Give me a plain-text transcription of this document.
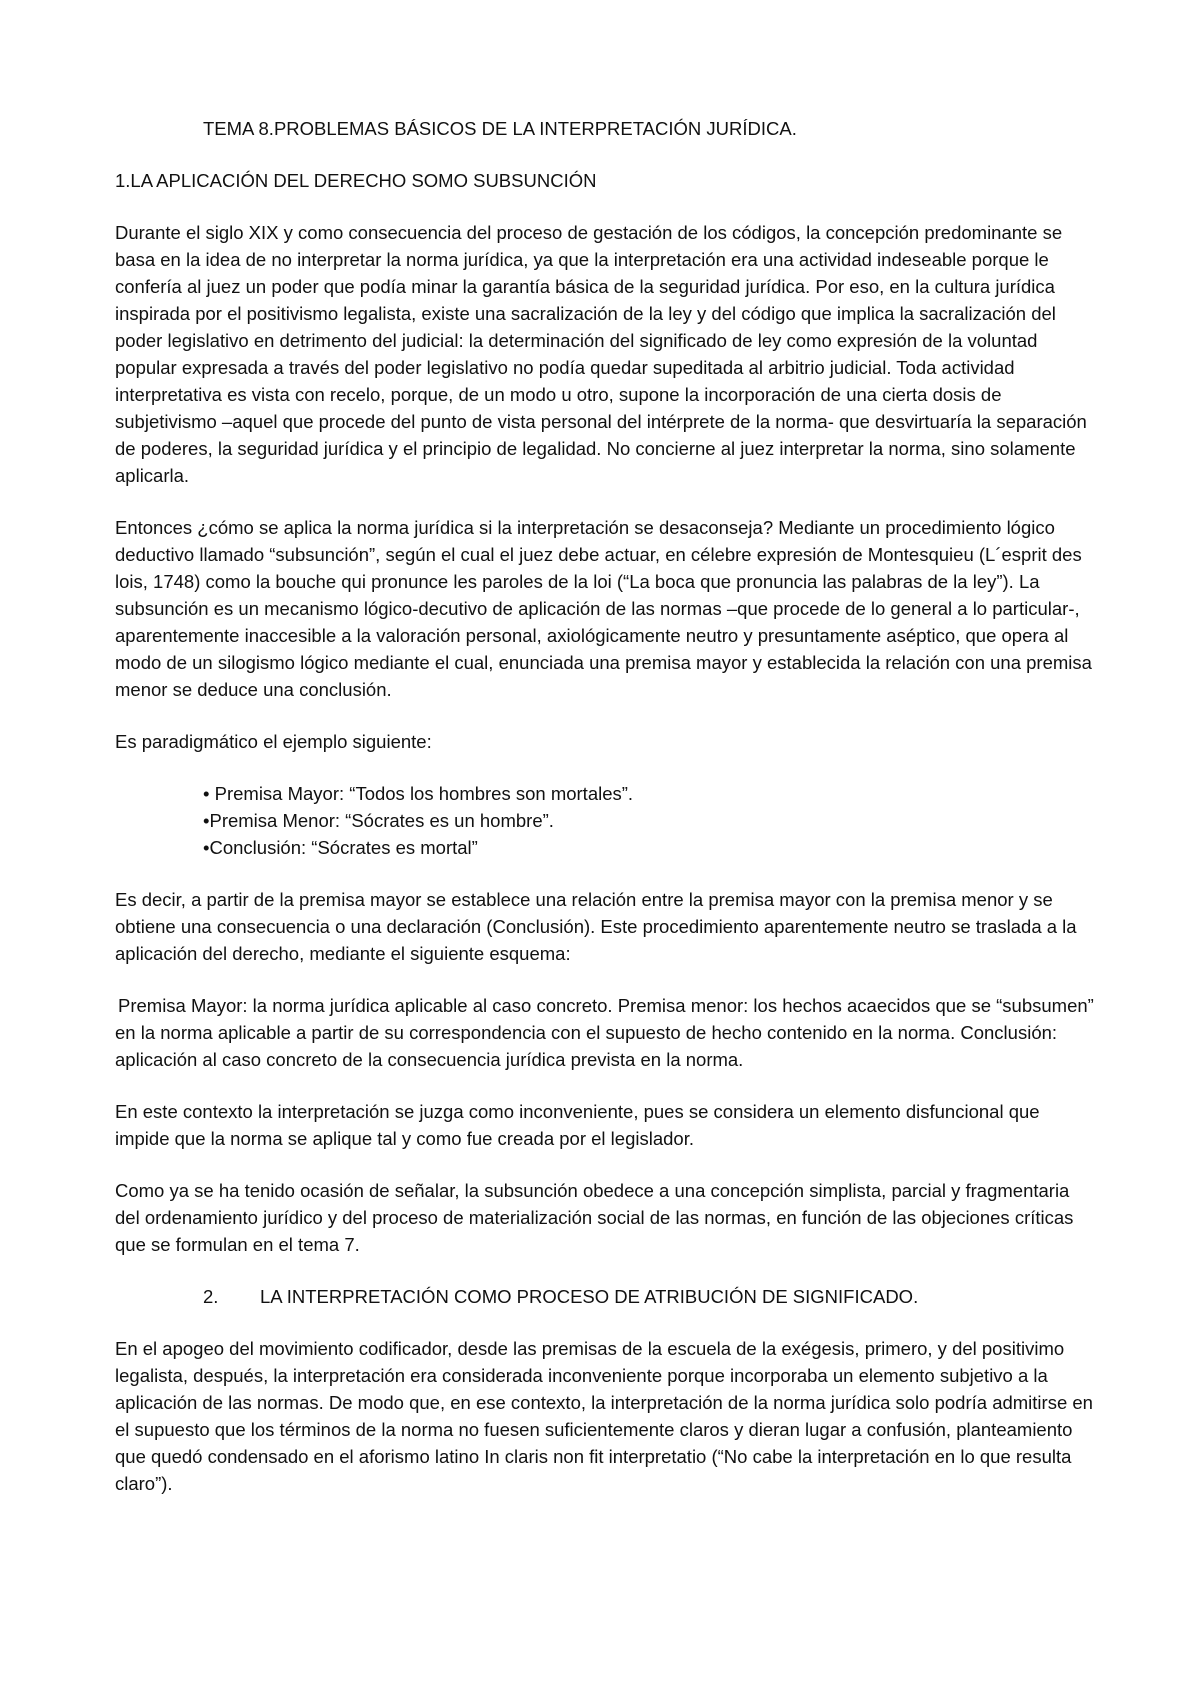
TEMA 8.PROBLEMAS BÁSICOS DE LA INTERPRETACIÓN JURÍDICA.
1.LA APLICACIÓN DEL DERECHO SOMO SUBSUNCIÓN

Durante el siglo XIX y como consecuencia del proceso de gestación de los códigos, la concepción predominante se basa en la idea de no interpretar la norma jurídica, ya que la interpretación era una actividad indeseable porque le confería al juez un poder que podía minar la garantía básica de la seguridad jurídica. Por eso, en la cultura jurídica inspirada por el positivismo legalista, existe una sacralización de la ley y del código que implica la sacralización del poder legislativo en detrimento del judicial: la determinación del significado de ley como expresión de la voluntad popular expresada a través del poder legislativo no podía quedar supeditada al arbitrio judicial. Toda actividad interpretativa es vista con recelo, porque, de un modo u otro, supone la incorporación de una cierta dosis de subjetivismo –aquel que procede del punto de vista personal del intérprete de la norma- que desvirtuaría la separación de poderes, la seguridad jurídica y el principio de legalidad. No concierne al juez interpretar la norma, sino solamente aplicarla.

Entonces ¿cómo se aplica la norma jurídica si la interpretación se desaconseja? Mediante un procedimiento lógico deductivo llamado “subsunción”, según el cual el juez debe actuar, en célebre expresión de Montesquieu (L´esprit des lois, 1748) como la bouche qui pronunce les paroles de la loi (“La boca que pronuncia las palabras de la ley”). La subsunción es un mecanismo lógico-decutivo de aplicación de las normas –que procede de lo general a lo particular-, aparentemente inaccesible a la valoración personal, axiológicamente neutro y presuntamente aséptico, que opera al modo de un silogismo lógico mediante el cual, enunciada una premisa mayor y establecida la relación con una premisa menor se deduce una conclusión.

Es paradigmático el ejemplo siguiente:

• Premisa Mayor: “Todos los hombres son mortales”.
•Premisa Menor: “Sócrates es un hombre”.
•Conclusión: “Sócrates es mortal”

Es decir, a partir de la premisa mayor se establece una relación entre la premisa mayor con la premisa menor y se obtiene una consecuencia o una declaración (Conclusión). Este procedimiento aparentemente neutro se traslada a la aplicación del derecho, mediante el siguiente esquema:

Premisa Mayor: la norma jurídica aplicable al caso concreto. Premisa menor: los hechos acaecidos que se “subsumen” en la norma aplicable a partir de su correspondencia con el supuesto de hecho contenido en la norma. Conclusión: aplicación al caso concreto de la consecuencia jurídica prevista en la norma.

En este contexto la interpretación se juzga como inconveniente, pues se considera un elemento disfuncional que impide que la norma se aplique tal y como fue creada por el legislador.

Como ya se ha tenido ocasión de señalar, la subsunción obedece a una concepción simplista, parcial y fragmentaria del ordenamiento jurídico y del proceso de materialización social de las normas, en función de las objeciones críticas que se formulan en el tema 7.

2. LA INTERPRETACIÓN COMO PROCESO DE ATRIBUCIÓN DE SIGNIFICADO.

En el apogeo del movimiento codificador, desde las premisas de la escuela de la exégesis, primero, y del positivimo legalista, después, la interpretación era considerada inconveniente porque incorporaba un elemento subjetivo a la aplicación de las normas. De modo que, en ese contexto, la interpretación de la norma jurídica solo podría admitirse en el supuesto que los términos de la norma no fuesen suficientemente claros y dieran lugar a confusión, planteamiento que quedó condensado en el aforismo latino In claris non fit interpretatio (“No cabe la interpretación en lo que resulta claro”).
